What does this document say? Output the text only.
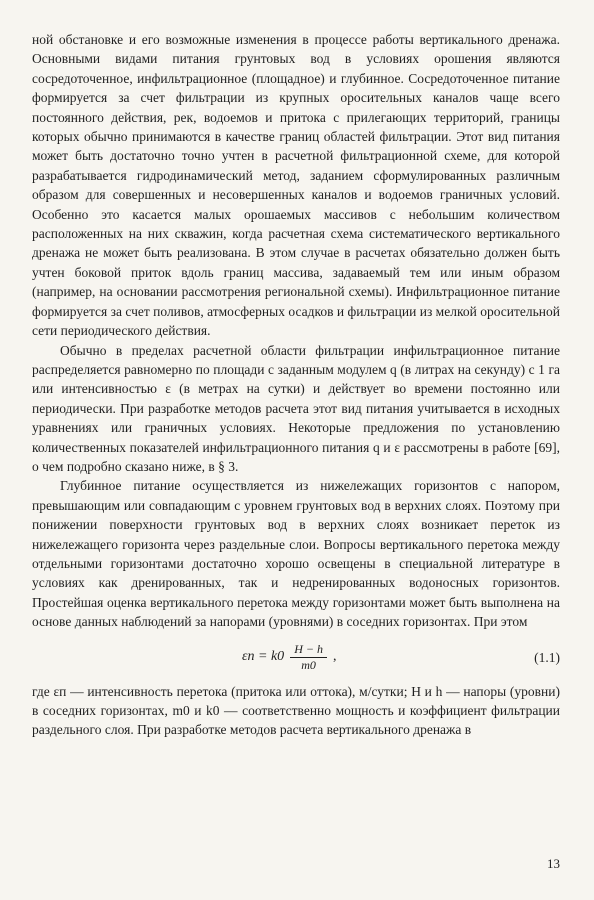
ной обстановке и его возможные изменения в процессе работы вертикального дренажа. Основными видами питания грунтовых вод в условиях орошения являются сосредоточенное, инфильтрационное (площадное) и глубинное. Сосредоточенное питание формируется за счет фильтрации из крупных оросительных каналов чаще всего постоянного действия, рек, водоемов и притока с прилегающих территорий, границы которых обычно принимаются в качестве границ областей фильтрации. Этот вид питания может быть достаточно точно учтен в расчетной фильтрационной схеме, для которой разрабатывается гидродинамический метод, заданием сформулированных различным образом для совершенных и несовершенных каналов и водоемов граничных условий. Особенно это касается малых орошаемых массивов с небольшим количеством расположенных на них скважин, когда расчетная схема систематического вертикального дренажа не может быть реализована. В этом случае в расчетах обязательно должен быть учтен боковой приток вдоль границ массива, задаваемый тем или иным образом (например, на основании рассмотрения региональной схемы). Инфильтрационное питание формируется за счет поливов, атмосферных осадков и фильтрации из мелкой оросительной сети периодического действия.

Обычно в пределах расчетной области фильтрации инфильтрационное питание распределяется равномерно по площади с заданным модулем q (в литрах на секунду) с 1 га или интенсивностью ε (в метрах на сутки) и действует во времени постоянно или периодически. При разработке методов расчета этот вид питания учитывается в исходных уравнениях или граничных условиях. Некоторые предложения по установлению количественных показателей инфильтрационного питания q и ε рассмотрены в работе [69], о чем подробно сказано ниже, в § 3.

Глубинное питание осуществляется из нижележащих горизонтов с напором, превышающим или совпадающим с уровнем грунтовых вод в верхних слоях. Поэтому при понижении поверхности грунтовых вод в верхних слоях возникает переток из нижележащего горизонта через раздельные слои. Вопросы вертикального перетока между отдельными горизонтами достаточно хорошо освещены в специальной литературе в условиях как дренированных, так и недренированных водоносных горизонтов. Простейшая оценка вертикального перетока между горизонтами может быть выполнена на основе данных наблюдений за напорами (уровнями) в соседних горизонтах. При этом

$\varepsilon п = k0 \frac{H - h}{m0}$ ,	(1.1)

где εп — интенсивность перетока (притока или оттока), м/сутки; H и h — напоры (уровни) в соседних горизонтах, m0 и k0 — соответственно мощность и коэффициент фильтрации раздельного слоя. При разработке методов расчета вертикального дренажа в

13
